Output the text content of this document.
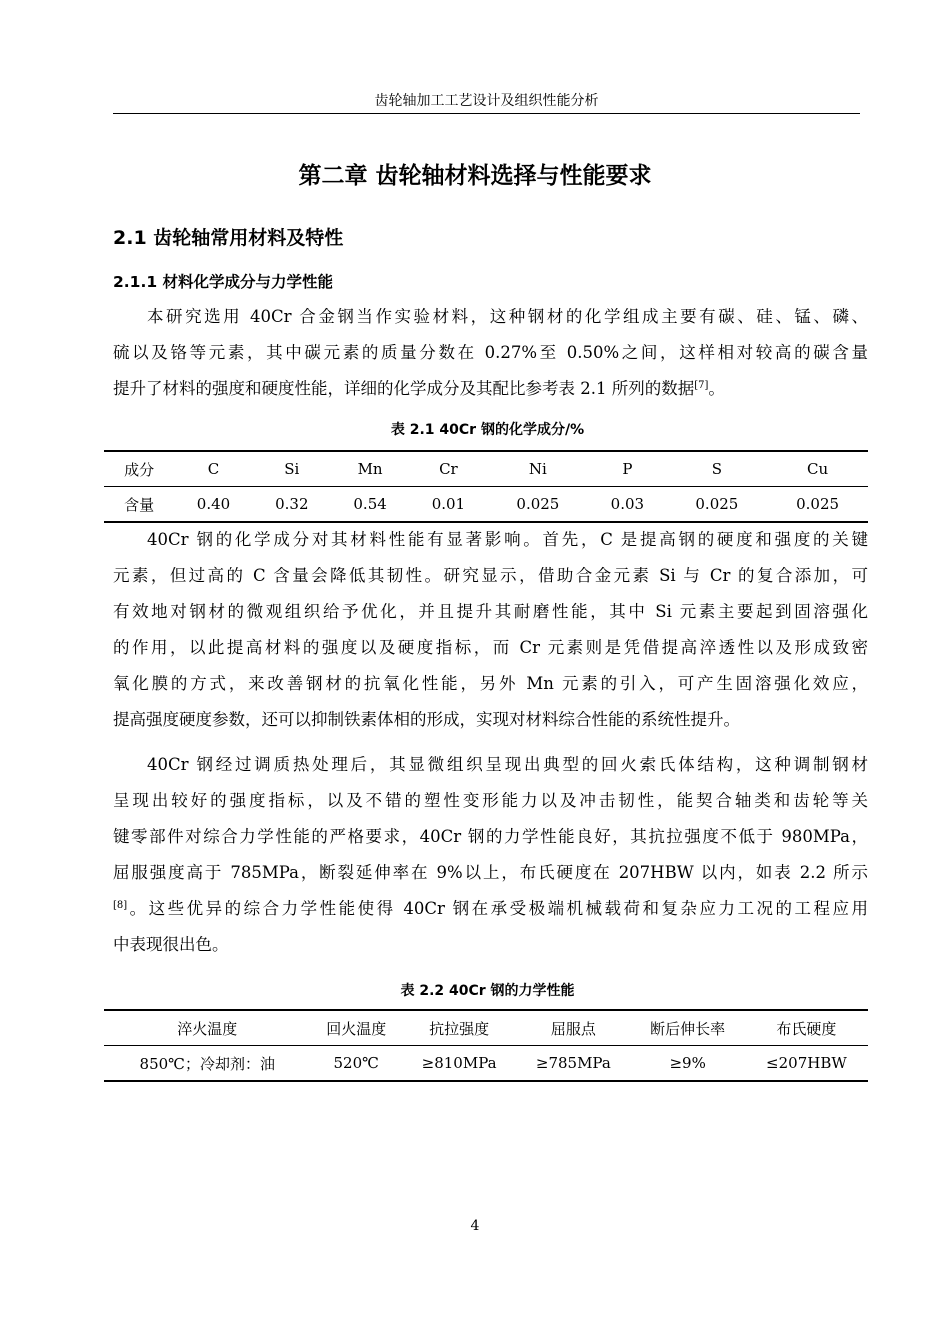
齿轮轴加工工艺设计及组织性能分析
第二章 齿轮轴材料选择与性能要求
2.1 齿轮轴常用材料及特性
2.1.1 材料化学成分与力学性能
本研究选用 40Cr 合金钢当作实验材料，这种钢材的化学组成主要有碳、硅、锰、磷、
硫以及铬等元素，其中碳元素的质量分数在 0.27%至 0.50%之间，这样相对较高的碳含量
提升了材料的强度和硬度性能，详细的化学成分及其配比参考表 2.1 所列的数据[7]。
表 2.1 40Cr 钢的化学成分/%
成分	C	Si	Mn	Cr	Ni	P	S	Cu
含量	0.40	0.32	0.54	0.01	0.025	0.03	0.025	0.025
40Cr 钢的化学成分对其材料性能有显著影响。首先，C 是提高钢的硬度和强度的关键
元素，但过高的 C 含量会降低其韧性。研究显示，借助合金元素 Si 与 Cr 的复合添加，可
有效地对钢材的微观组织给予优化，并且提升其耐磨性能，其中 Si 元素主要起到固溶强化
的作用，以此提高材料的强度以及硬度指标，而 Cr 元素则是凭借提高淬透性以及形成致密
氧化膜的方式，来改善钢材的抗氧化性能，另外 Mn 元素的引入，可产生固溶强化效应，
提高强度硬度参数，还可以抑制铁素体相的形成，实现对材料综合性能的系统性提升。
40Cr 钢经过调质热处理后，其显微组织呈现出典型的回火索氏体结构，这种调制钢材
呈现出较好的强度指标，以及不错的塑性变形能力以及冲击韧性，能契合轴类和齿轮等关
键零部件对综合力学性能的严格要求，40Cr 钢的力学性能良好，其抗拉强度不低于 980MPa，
屈服强度高于 785MPa，断裂延伸率在 9%以上，布氏硬度在 207HBW 以内，如表 2.2 所示
[8]。这些优异的综合力学性能使得 40Cr 钢在承受极端机械载荷和复杂应力工况的工程应用
中表现很出色。
表 2.2 40Cr 钢的力学性能
淬火温度	回火温度	抗拉强度	屈服点	断后伸长率	布氏硬度
850℃；冷却剂：油	520℃	≥810MPa	≥785MPa	≥9%	≤207HBW
4
